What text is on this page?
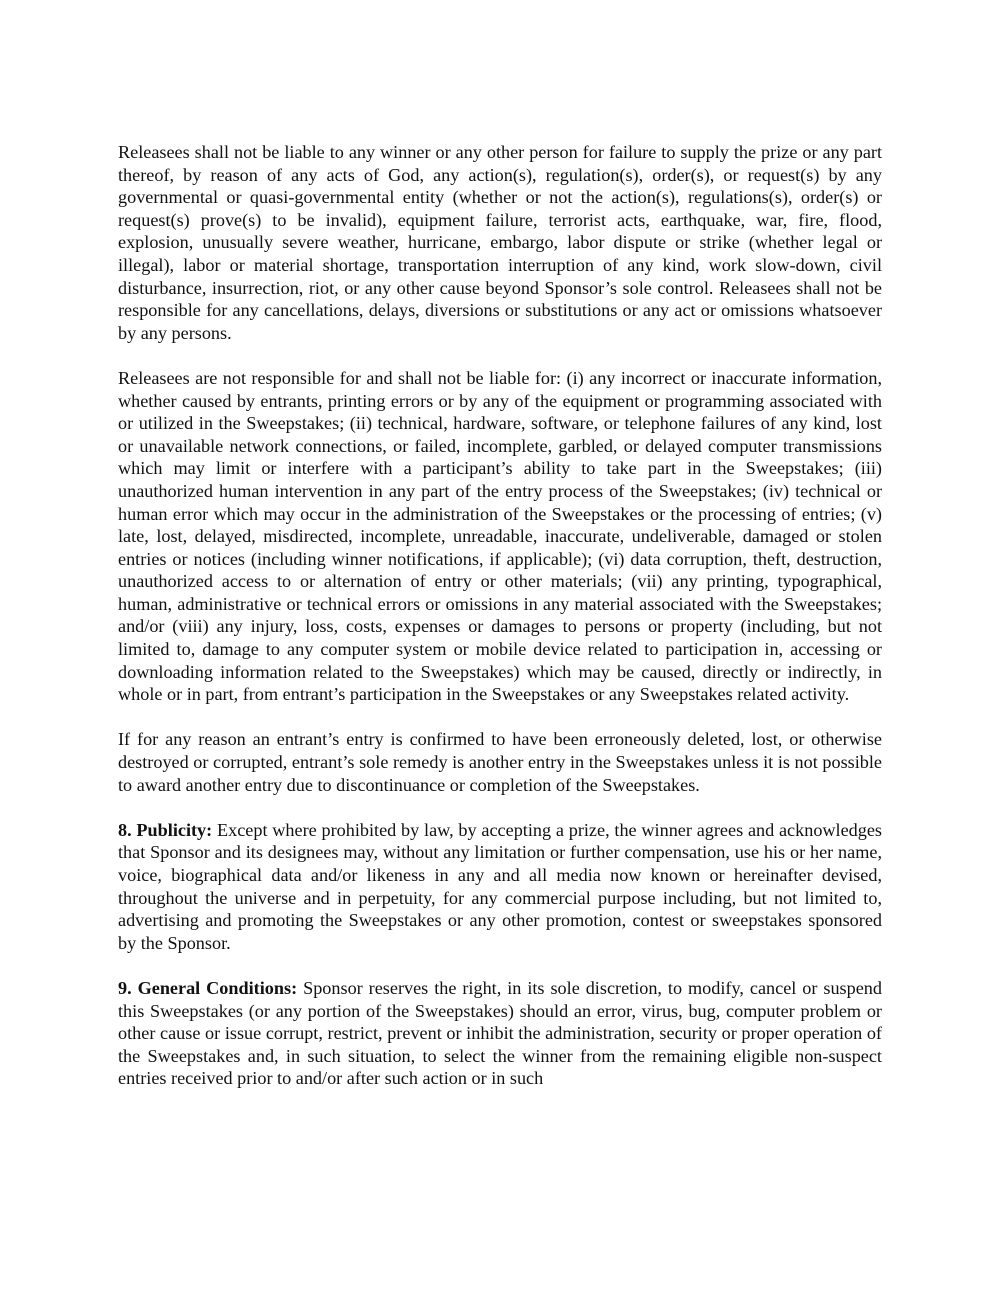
Releasees shall not be liable to any winner or any other person for failure to supply the prize or any part thereof, by reason of any acts of God, any action(s), regulation(s), order(s), or request(s) by any governmental or quasi-governmental entity (whether or not the action(s), regulations(s), order(s) or request(s) prove(s) to be invalid), equipment failure, terrorist acts, earthquake, war, fire, flood, explosion, unusually severe weather, hurricane, embargo, labor dispute or strike (whether legal or illegal), labor or material shortage, transportation interruption of any kind, work slow-down, civil disturbance, insurrection, riot, or any other cause beyond Sponsor’s sole control. Releasees shall not be responsible for any cancellations, delays, diversions or substitutions or any act or omissions whatsoever by any persons.

Releasees are not responsible for and shall not be liable for: (i) any incorrect or inaccurate information, whether caused by entrants, printing errors or by any of the equipment or programming associated with or utilized in the Sweepstakes; (ii) technical, hardware, software, or telephone failures of any kind, lost or unavailable network connections, or failed, incomplete, garbled, or delayed computer transmissions which may limit or interfere with a participant’s ability to take part in the Sweepstakes; (iii) unauthorized human intervention in any part of the entry process of the Sweepstakes; (iv) technical or human error which may occur in the administration of the Sweepstakes or the processing of entries; (v) late, lost, delayed, misdirected, incomplete, unreadable, inaccurate, undeliverable, damaged or stolen entries or notices (including winner notifications, if applicable); (vi) data corruption, theft, destruction, unauthorized access to or alternation of entry or other materials; (vii) any printing, typographical, human, administrative or technical errors or omissions in any material associated with the Sweepstakes; and/or (viii) any injury, loss, costs, expenses or damages to persons or property (including, but not limited to, damage to any computer system or mobile device related to participation in, accessing or downloading information related to the Sweepstakes) which may be caused, directly or indirectly, in whole or in part, from entrant’s participation in the Sweepstakes or any Sweepstakes related activity.

If for any reason an entrant’s entry is confirmed to have been erroneously deleted, lost, or otherwise destroyed or corrupted, entrant’s sole remedy is another entry in the Sweepstakes unless it is not possible to award another entry due to discontinuance or completion of the Sweepstakes.

8. Publicity: Except where prohibited by law, by accepting a prize, the winner agrees and acknowledges that Sponsor and its designees may, without any limitation or further compensation, use his or her name, voice, biographical data and/or likeness in any and all media now known or hereinafter devised, throughout the universe and in perpetuity, for any commercial purpose including, but not limited to, advertising and promoting the Sweepstakes or any other promotion, contest or sweepstakes sponsored by the Sponsor.

9. General Conditions: Sponsor reserves the right, in its sole discretion, to modify, cancel or suspend this Sweepstakes (or any portion of the Sweepstakes) should an error, virus, bug, computer problem or other cause or issue corrupt, restrict, prevent or inhibit the administration, security or proper operation of the Sweepstakes and, in such situation, to select the winner from the remaining eligible non-suspect entries received prior to and/or after such action or in such
